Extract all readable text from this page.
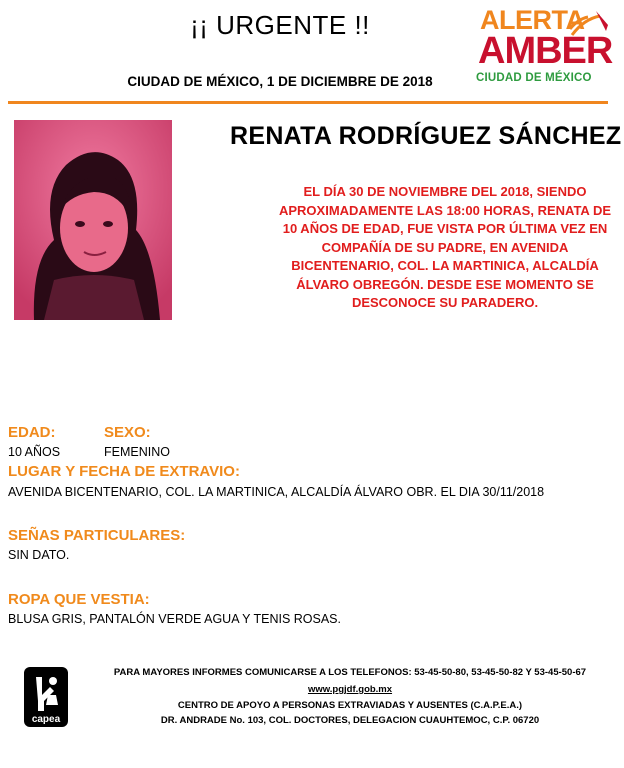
¡¡ URGENTE !!
CIUDAD DE MÉXICO, 1 DE DICIEMBRE DE 2018
ALERTA
AMBER
CIUDAD DE MÉXICO
RENATA RODRÍGUEZ SÁNCHEZ
EL DÍA 30 DE NOVIEMBRE DEL 2018, SIENDO APROXIMADAMENTE LAS 18:00 HORAS, RENATA DE 10 AÑOS DE EDAD, FUE VISTA POR ÚLTIMA VEZ EN COMPAÑÍA DE SU PADRE, EN AVENIDA BICENTENARIO, COL. LA MARTINICA, ALCALDÍA ÁLVARO OBREGÓN. DESDE ESE MOMENTO SE DESCONOCE SU PARADERO.
EDAD:
10 AÑOS
SEXO:
FEMENINO
LUGAR Y FECHA DE EXTRAVIO:
AVENIDA BICENTENARIO, COL. LA MARTINICA, ALCALDÍA ÁLVARO OBR. EL DIA 30/11/2018
SEÑAS PARTICULARES:
SIN DATO.
ROPA QUE VESTIA:
BLUSA GRIS, PANTALÓN VERDE AGUA Y TENIS ROSAS.
capea
PARA MAYORES INFORMES COMUNICARSE A LOS TELEFONOS: 53-45-50-80, 53-45-50-82 Y 53-45-50-67
www.pgjdf.gob.mx
CENTRO DE APOYO A PERSONAS EXTRAVIADAS Y AUSENTES (C.A.P.E.A.)
DR. ANDRADE No. 103, COL. DOCTORES, DELEGACION CUAUHTEMOC, C.P. 06720
